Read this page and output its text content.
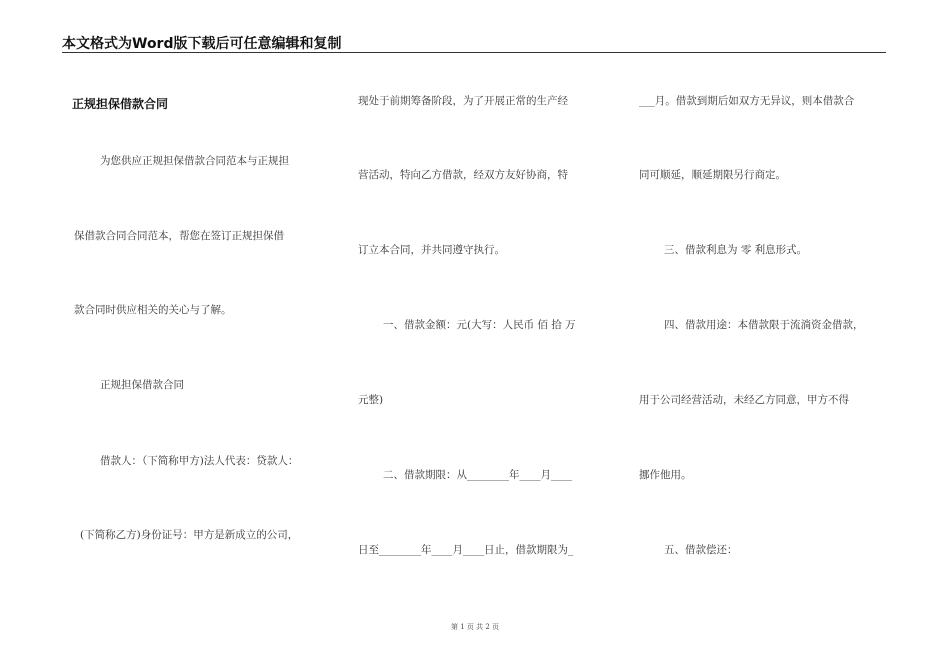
本文格式为Word版下载后可任意编辑和复制
正规担保借款合同
为您供应正规担保借款合同范本与正规担
保借款合同合同范本，帮您在签订正规担保借
款合同时供应相关的关心与了解。
正规担保借款合同
借款人：（下简称甲方)法人代表：贷款人：
(下简称乙方)身份证号：甲方是新成立的公司，
现处于前期筹备阶段，为了开展正常的生产经
营活动，特向乙方借款，经双方友好协商，特
订立本合同，并共同遵守执行。
一、借款金额：元(大写：人民币 佰 拾 万
元整)
二、借款期限：从________年____月____
日至________年____月____日止，借款期限为_
___月。借款到期后如双方无异议，则本借款合
同可顺延，顺延期限另行商定。
三、借款利息为 零 利息形式。
四、借款用途：本借款限于流淌资金借款，
用于公司经营活动，未经乙方同意，甲方不得
挪作他用。
五、借款偿还：
第 1 页 共 2 页
